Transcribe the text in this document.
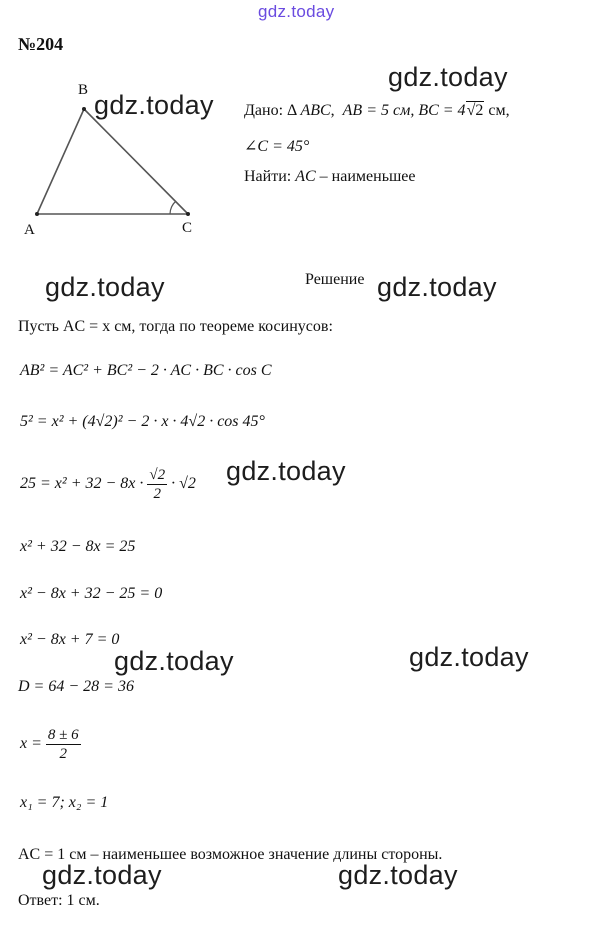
gdz.today
№204
B
A	C
gdz.today
gdz.today Дано: Δ ABC,  AB = 5 см, BC = 4√2 см,
∠C = 45°
Найти: AC – наименьшее
gdz.today	Решение gdz.today
Пусть AC = x см, тогда по теореме косинусов:
AB² = AC² + BC² − 2 · AC · BC · cos C
5² = x² + (4√2)² − 2 · x · 4√2 · cos 45°
$25 = x^2 + 32 - 8x \cdot \frac{√2}{2} \cdot √2$ gdz.today
x² + 32 − 8x = 25
x² − 8x + 32 − 25 = 0
x² − 8x + 7 = 0
gdz.today	gdz.today
D = 64 − 28 = 36
$x = \frac{8 \pm 6}{2}$
x₁ = 7; x₂ = 1
AC = 1 см – наименьшее возможное значение длины стороны.
gdz.today	gdz.today
Ответ: 1 см.
